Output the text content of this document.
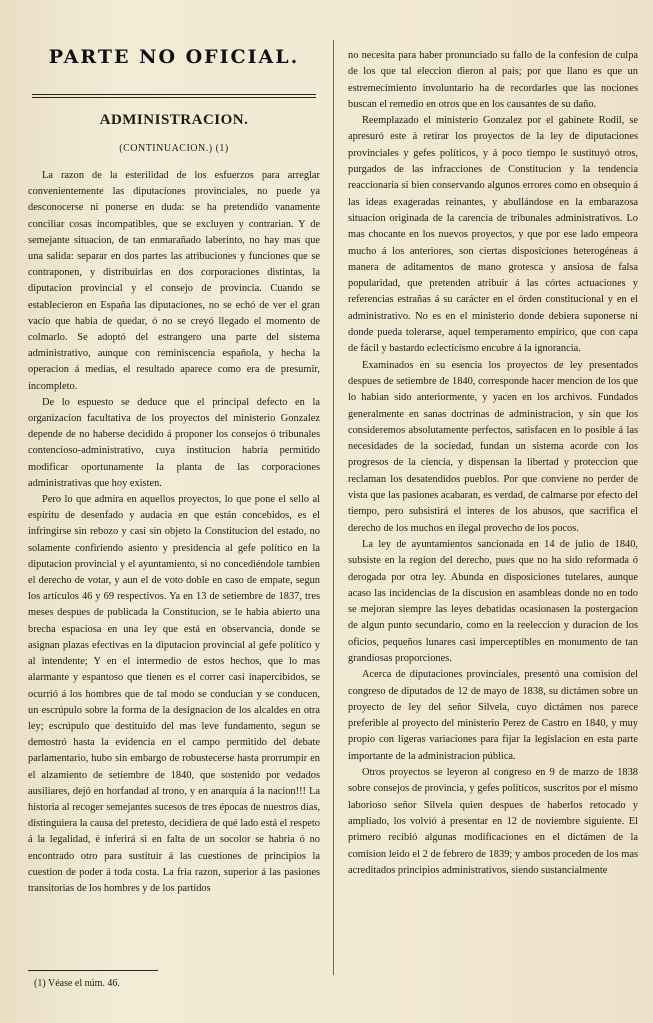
PARTE NO OFICIAL.
ADMINISTRACION.
(CONTINUACION.) (1)

La razon de la esterilidad de los esfuerzos para arreglar convenientemente las diputaciones provinciales, no puede ya desconocerse ni ponerse en duda: se ha pretendido vanamente conciliar cosas incompatibles, que se excluyen y contrarian. Y de semejante situacion, de tan enmarañado laberinto, no hay mas que una salida: separar en dos partes las atribuciones y funciones que se contraponen, y distribuirlas en dos corporaciones distintas, la diputacion provincial y el consejo de provincia. Cuando se establecieron en España las diputaciones, no se echó de ver el gran vacío que habia de quedar, ó no se creyó llegado el momento de colmarlo. Se adoptó del estrangero una parte del sistema administrativo, aunque con reminiscencia española, y hecha la operacion á medias, el resultado aparece como era de presumir, incompleto.

De lo espuesto se deduce que el principal defecto en la organizacion facultativa de los proyectos del ministerio Gonzalez depende de no haberse decidido á proponer los consejos ó tribunales contencioso-administrativo, cuya institucion habria permitido modificar oportunamente la planta de las corporaciones administrativas que hoy existen.

Pero lo que admira en aquellos proyectos, lo que pone el sello al espíritu de desenfado y audacia en que están concebidos, es el infringirse sin rebozo y casi sin objeto la Constitucion del estado, no solamente confiriendo asiento y presidencia al gefe político en la diputacion provincial y el ayuntamiento, si no concediéndole tambien el derecho de votar, y aun el de voto doble en caso de empate, segun los artículos 46 y 69 respectivos. Ya en 13 de setiembre de 1837, tres meses despues de publicada la Constitucion, se le habia abierto una brecha espaciosa en una ley que está en observancia, donde se asignan plazas efectivas en la diputacion provincial al gefe político y al intendente; Y en el intermedio de estos hechos, que lo mas alarmante y espantoso que tienen es el correr casi inapercibidos, se ocurrió á los hombres que de tal modo se conducian y se conducen, un escrúpulo sobre la forma de la designacion de los alcaldes en otra ley; escrúpulo que destituido del mas leve fundamento, segun se demostró hasta la evidencia en el campo permitido del debate parlamentario, hubo sin embargo de robustecerse hasta prorrumpir en el alzamiento de setiembre de 1840, que sostenido por vedados ausiliares, dejó en horfandad al trono, y en anarquía á la nacion!!! La historia al recoger semejantes sucesos de tres épocas de nuestros dias, distinguiera la causa del pretesto, decidiera de qué lado está el respeto á la legalidad, é inferirá si en falta de un socolor se habria ó no encontrado otro para sustituir á las cuestiones de principios la cuestion de poder á toda costa. La fria razon, superior á las pasiones transitorias de los hombres y de los partidos

no necesita para haber pronunciado su fallo de la confesion de culpa de los que tal eleccion dieron al pais; por que llano es que un estremecimiento involuntario ha de recordarles que las nociones buscan el remedio en otros que en los causantes de su daño.

Reemplazado el ministerio Gonzalez por el gabinete Rodil, se apresuró este á retirar los proyectos de la ley de diputaciones provinciales y gefes políticos, y á poco tiempo le sustituyó otros, purgados de las infracciones de Constitucion y la tendencia reaccionaria si bien conservando algunos errores como en obsequio á las ideas exageradas reinantes, y abullándose en la embarazosa situacion originada de la carencia de tribunales administrativos. Lo mas chocante en los nuevos proyectos, y que por ese lado empeora mucho á los anteriores, son ciertas disposiciones heterogéneas á manera de aditamentos de mano grotesca y ansiosa de falsa popularidad, que pretenden atribuir á las córtes actuaciones y referencias estrañas á su carácter en el órden constitucional y en el administrativo. No es en el ministerio donde debiera suponerse ni donde pueda tolerarse, aquel temperamento empírico, que con capa de fácil y bastardo eclecticismo encubre á la ignorancia.

Examinados en su esencia los proyectos de ley presentados despues de setiembre de 1840, corresponde hacer mencion de los que lo habian sido anteriormente, y yacen en los archivos. Fundados generalmente en sanas doctrinas de administracion, y sin que los consideremos absolutamente perfectos, satisfacen en lo posible á las necesidades de la sociedad, fundan un sistema acorde con los progresos de la ciencia, y dispensan la libertad y proteccion que reclaman los desatendidos pueblos. Por que conviene no perder de vista que las pasiones acabaran, es verdad, de calmarse por efecto del tiempo, pero subsistirá el interes de los abusos, que sacrifica el derecho de los muchos en ilegal provecho de los pocos.

La ley de ayuntamientos sancionada en 14 de julio de 1840, subsiste en la region del derecho, pues que no ha sido reformada ó derogada por otra ley. Abunda en disposiciones tutelares, aunque acaso las incidencias de la discusion en asambleas donde no en todo se mejoran siempre las leyes debatidas ocasionasen la postergacion de algun punto secundario, como en la reeleccion y duracion de los oficios, pequeños lunares casi imperceptibles en monumento de tan grandiosas proporciones.

Acerca de diputaciones provinciales, presentó una comision del congreso de diputados de 12 de mayo de 1838, su dictámen sobre un proyecto de ley del señor Silvela, cuyo dictámen nos parece preferible al proyecto del ministerio Perez de Castro en 1840, y muy propio con ligeras variaciones para fijar la legislacion en esta parte importante de la administracion pública.

Otros proyectos se leyeron al congreso en 9 de marzo de 1838 sobre consejos de provincia, y gefes políticos, suscritos por el mismo laborioso señor Silvela quien despues de haberlos retocado y ampliado, los volvió á presentar en 12 de noviembre siguiente. El primero recibió algunas modificaciones en el dictámen de la comision leido el 2 de febrero de 1839; y ambos proceden de los mas acreditados principios administrativos, siendo sustancialmente

(1) Véase el núm. 46.
